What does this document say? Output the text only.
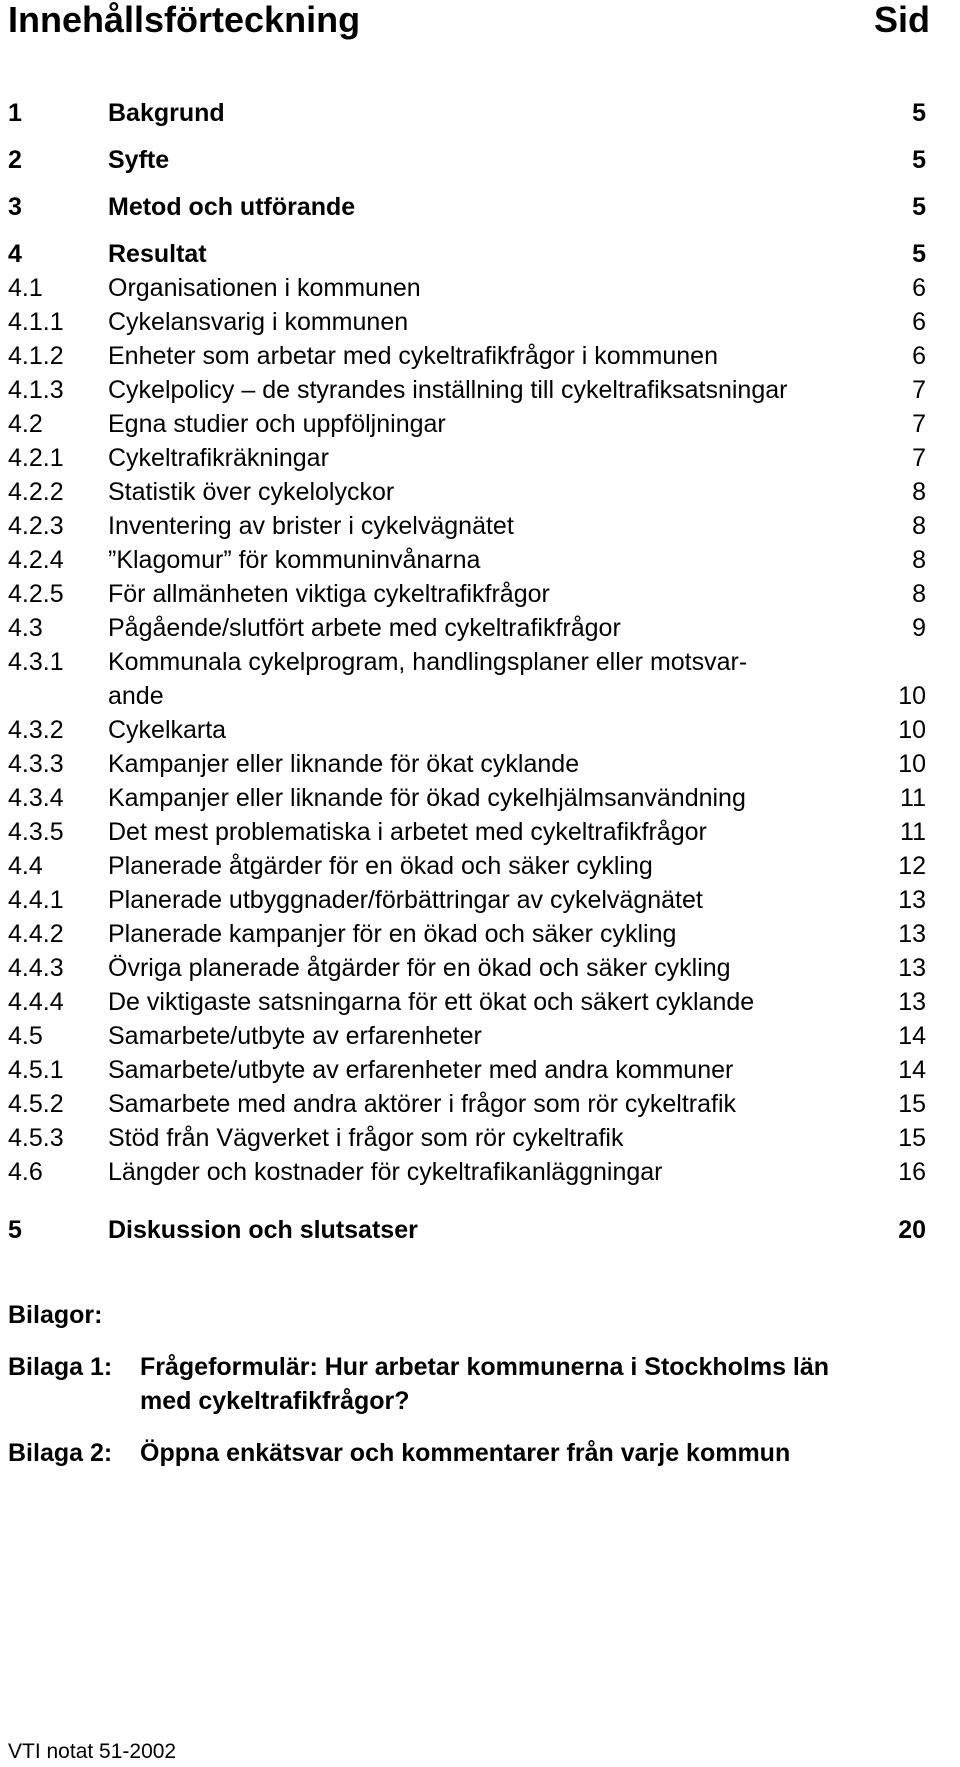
Innehållsförteckning	Sid
1	Bakgrund	5
2	Syfte	5
3	Metod och utförande	5
4	Resultat	5
4.1	Organisationen i kommunen	6
4.1.1 Cykelansvarig i kommunen	6
4.1.2 Enheter som arbetar med cykeltrafikfrågor i kommunen	6
4.1.3 Cykelpolicy – de styrandes inställning till cykeltrafiksatsningar	7
4.2	Egna studier och uppföljningar	7
4.2.1 Cykeltrafikräkningar	7
4.2.2 Statistik över cykelolyckor	8
4.2.3 Inventering av brister i cykelvägnätet	8
4.2.4 ”Klagomur” för kommuninvånarna	8
4.2.5 För allmänheten viktiga cykeltrafikfrågor	8
4.3	Pågående/slutfört arbete med cykeltrafikfrågor	9
4.3.1 Kommunala cykelprogram, handlingsplaner eller motsvar-
ande	10
4.3.2 Cykelkarta	10
4.3.3 Kampanjer eller liknande för ökat cyklande	10
4.3.4 Kampanjer eller liknande för ökad cykelhjälmsanvändning	11
4.3.5 Det mest problematiska i arbetet med cykeltrafikfrågor	11
4.4	Planerade åtgärder för en ökad och säker cykling	12
4.4.1 Planerade utbyggnader/förbättringar av cykelvägnätet	13
4.4.2 Planerade kampanjer för en ökad och säker cykling	13
4.4.3 Övriga planerade åtgärder för en ökad och säker cykling	13
4.4.4 De viktigaste satsningarna för ett ökat och säkert cyklande	13
4.5	Samarbete/utbyte av erfarenheter	14
4.5.1 Samarbete/utbyte av erfarenheter med andra kommuner	14
4.5.2 Samarbete med andra aktörer i frågor som rör cykeltrafik	15
4.5.3 Stöd från Vägverket i frågor som rör cykeltrafik	15
4.6	Längder och kostnader för cykeltrafikanläggningar	16
5	Diskussion och slutsatser	20
Bilagor:
Bilaga 1: Frågeformulär: Hur arbetar kommunerna i Stockholms län
med cykeltrafikfrågor?
Bilaga 2: Öppna enkätsvar och kommentarer från varje kommun
VTI notat 51-2002
